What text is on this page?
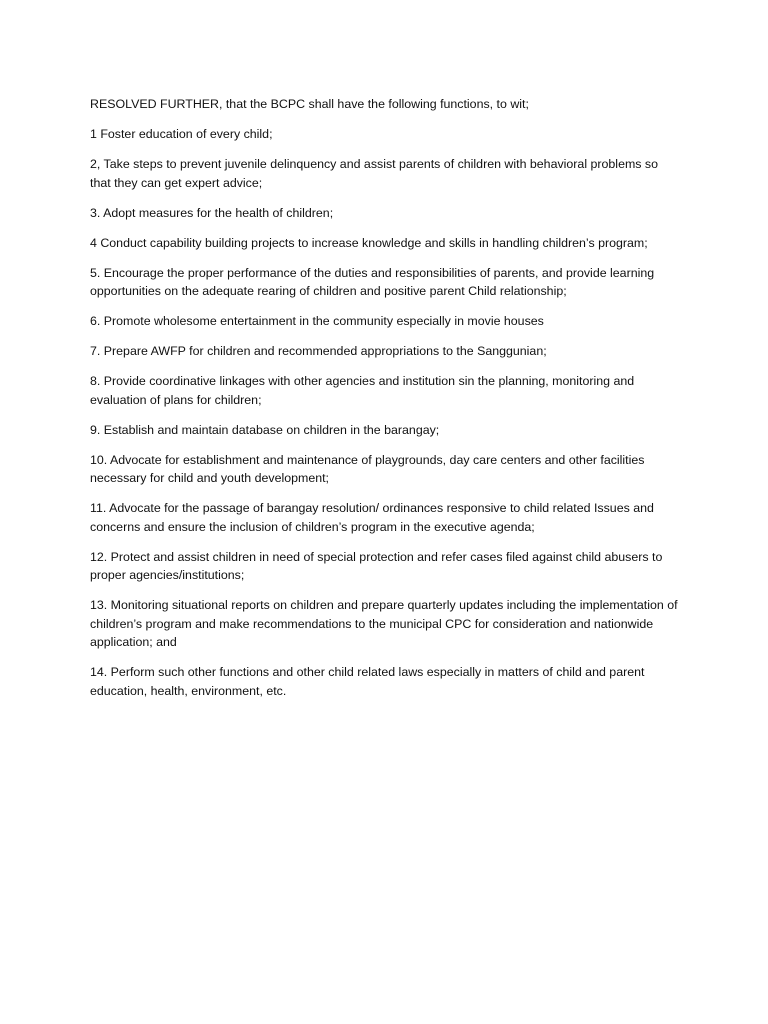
RESOLVED FURTHER, that the BCPC shall have the following functions, to wit;

1 Foster education of every child;

2, Take steps to prevent juvenile delinquency and assist parents of children with behavioral problems so that they can get expert advice;

3. Adopt measures for the health of children;

4 Conduct capability building projects to increase knowledge and skills in handling children’s program;

5. Encourage the proper performance of the duties and responsibilities of parents, and provide learning opportunities on the adequate rearing of children and positive parent Child relationship;

6. Promote wholesome entertainment in the community especially in movie houses

7. Prepare AWFP for children and recommended appropriations to the Sanggunian;

8. Provide coordinative linkages with other agencies and institution sin the planning, monitoring and evaluation of plans for children;

9. Establish and maintain database on children in the barangay;

10. Advocate for establishment and maintenance of playgrounds, day care centers and other facilities necessary for child and youth development;

11. Advocate for the passage of barangay resolution/ ordinances responsive to child related Issues and concerns and ensure the inclusion of children’s program in the executive agenda;

12. Protect and assist children in need of special protection and refer cases filed against child abusers to proper agencies/institutions;

13. Monitoring situational reports on children and prepare quarterly updates including the implementation of children’s program and make recommendations to the municipal CPC for consideration and nationwide application; and

14. Perform such other functions and other child related laws especially in matters of child and parent education, health, environment, etc.
